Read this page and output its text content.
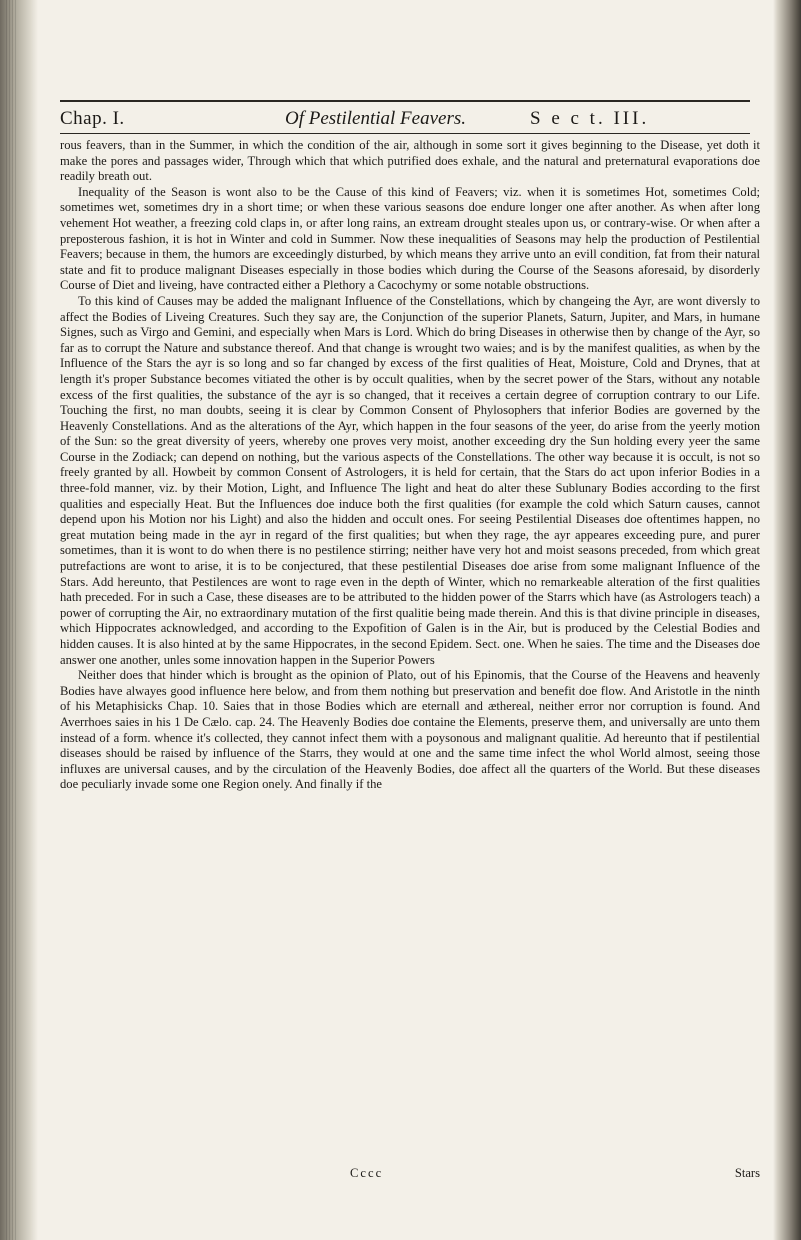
Chap. I.	Of Pestilential Feavers.	S e c t. III.

rous feavers, than in the Summer, in which the condition of the air, although in some sort it gives beginning to the Disease, yet doth it make the pores and passages wider, Through which that which putrified does exhale, and the natural and preternatural evaporations doe readily breath out.

Inequality of the Season is wont also to be the Cause of this kind of Feavers; viz. when it is sometimes Hot, sometimes Cold; sometimes wet, sometimes dry in a short time; or when these various seasons doe endure longer one after another. As when after long vehement Hot weather, a freezing cold claps in, or after long rains, an extream drought steales upon us, or contrary-wise. Or when after a preposterous fashion, it is hot in Winter and cold in Summer. Now these inequalities of Seasons may help the production of Pestilential Feavers; because in them, the humors are exceedingly disturbed, by which means they arrive unto an evill condition, fat from their natural state and fit to produce malignant Diseases especially in those bodies which during the Course of the Seasons aforesaid, by disorderly Course of Diet and liveing, have contracted either a Plethory a Cacochymy or some notable obstructions.

To this kind of Causes may be added the malignant Influence of the Constellations, which by changeing the Ayr, are wont diversly to affect the Bodies of Liveing Creatures. Such they say are, the Conjunction of the superior Planets, Saturn, Jupiter, and Mars, in humane Signes, such as Virgo and Gemini, and especially when Mars is Lord. Which do bring Diseases in otherwise then by change of the Ayr, so far as to corrupt the Nature and substance thereof. And that change is wrought two waies; and is by the manifest qualities, as when by the Influence of the Stars the ayr is so long and so far changed by excess of the first qualities of Heat, Moisture, Cold and Drynes, that at length it's proper Substance becomes vitiated the other is by occult qualities, when by the secret power of the Stars, without any notable excess of the first qualities, the substance of the ayr is so changed, that it receives a certain degree of corruption contrary to our Life. Touching the first, no man doubts, seeing it is clear by Common Consent of Phylosophers that inferior Bodies are governed by the Heavenly Constellations. And as the alterations of the Ayr, which happen in the four seasons of the yeer, do arise from the yeerly motion of the Sun: so the great diversity of yeers, whereby one proves very moist, another exceeding dry the Sun holding every yeer the same Course in the Zodiack; can depend on nothing, but the various aspects of the Constellations. The other way because it is occult, is not so freely granted by all. Howbeit by common Consent of Astrologers, it is held for certain, that the Stars do act upon inferior Bodies in a three-fold manner, viz. by their Motion, Light, and Influence The light and heat do alter these Sublunary Bodies according to the first qualities and especially Heat. But the Influences doe induce both the first qualities (for example the cold which Saturn causes, cannot depend upon his Motion nor his Light) and also the hidden and occult ones. For seeing Pestilential Diseases doe oftentimes happen, no great mutation being made in the ayr in regard of the first qualities; but when they rage, the ayr appeares exceeding pure, and purer sometimes, than it is wont to do when there is no pestilence stirring; neither have very hot and moist seasons preceded, from which great putrefactions are wont to arise, it is to be conjectured, that these pestilential Diseases doe arise from some malignant Influence of the Stars. Add hereunto, that Pestilences are wont to rage even in the depth of Winter, which no remarkeable alteration of the first qualities hath preceded. For in such a Case, these diseases are to be attributed to the hidden power of the Starrs which have (as Astrologers teach) a power of corrupting the Air, no extraordinary mutation of the first qualitie being made therein. And this is that divine principle in diseases, which Hippocrates acknowledged, and according to the Expofition of Galen is in the Air, but is produced by the Celestial Bodies and hidden causes. It is also hinted at by the same Hippocrates, in the second Epidem. Sect. one. When he saies. The time and the Diseases doe answer one another, unles some innovation happen in the Superior Powers

Neither does that hinder which is brought as the opinion of Plato, out of his Epinomis, that the Course of the Heavens and heavenly Bodies have alwayes good influence here below, and from them nothing but preservation and benefit doe flow. And Aristotle in the ninth of his Metaphisicks Chap. 10. Saies that in those Bodies which are eternall and æthereal, neither error nor corruption is found. And Averrhoes saies in his 1 De Cælo. cap. 24. The Heavenly Bodies doe containe the Elements, preserve them, and universally are unto them instead of a form. whence it's collected, they cannot infect them with a poysonous and malignant qualitie. Ad hereunto that if pestilential diseases should be raised by influence of the Starrs, they would at one and the same time infect the whol World almost, seeing those influxes are universal causes, and by the circulation of the Heavenly Bodies, doe affect all the quarters of the World. But these diseases doe peculiarly invade some one Region onely. And finally if the

Cccc	Stars
